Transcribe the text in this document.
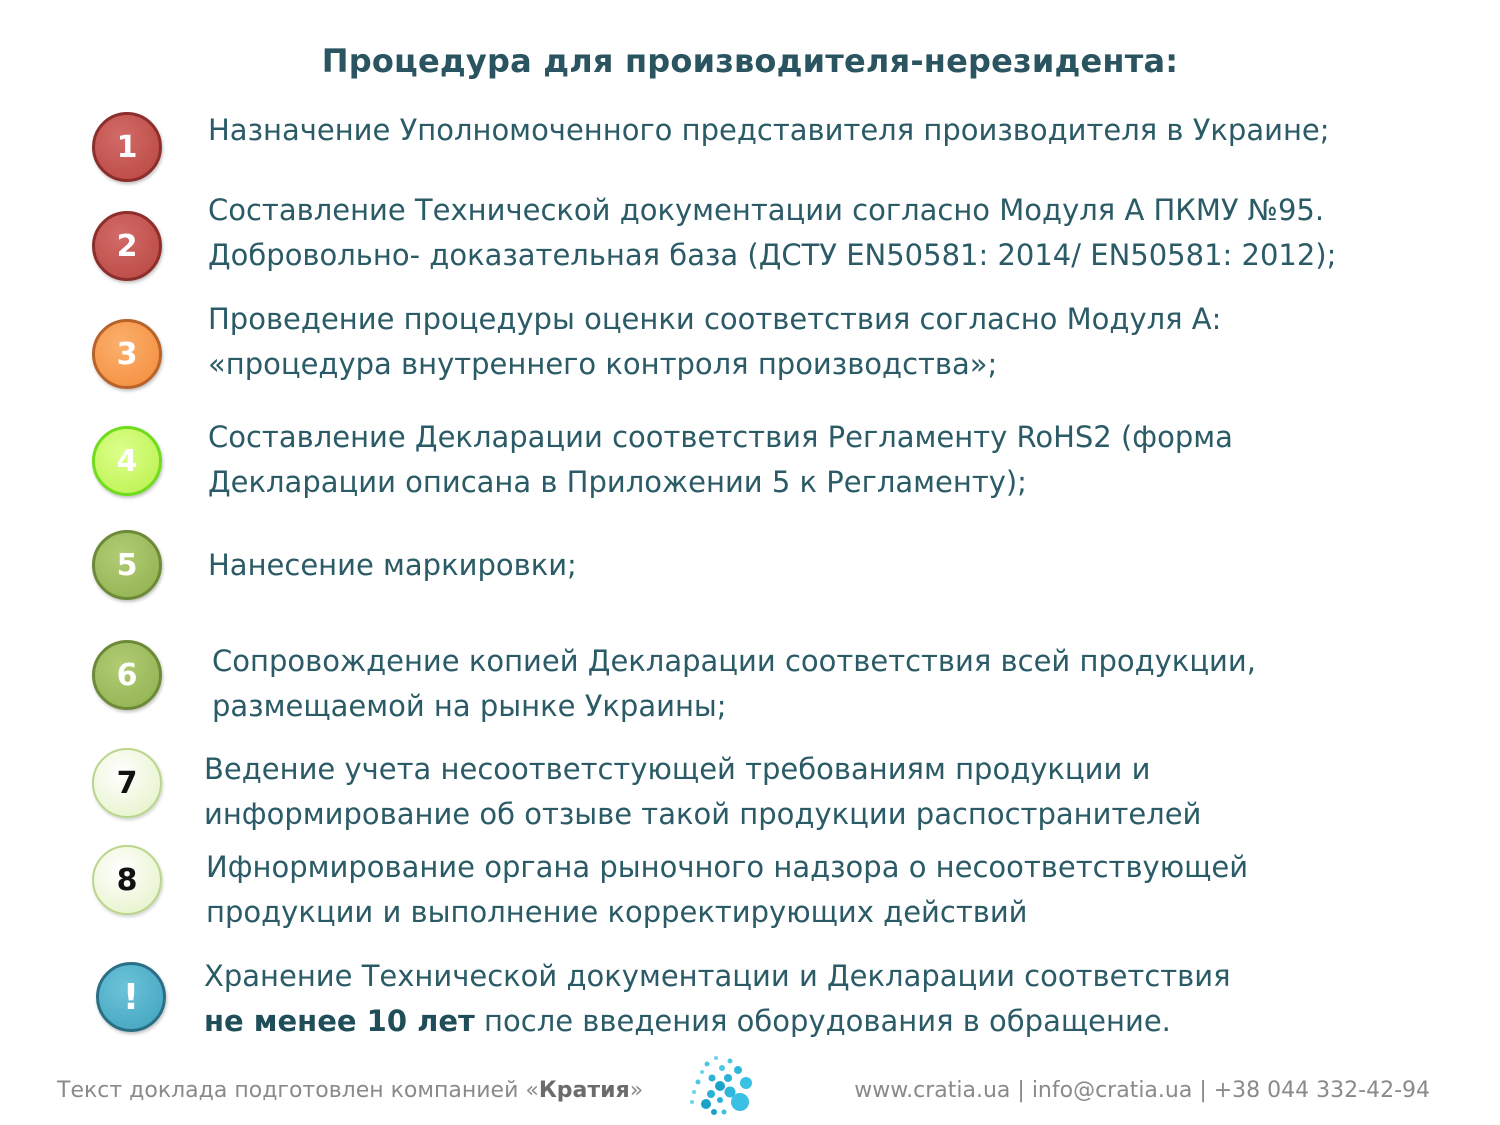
Процедура для производителя-нерезидента:
1 Назначение Уполномоченного представителя производителя в Украине;
2
Составление Технической документации согласно Модуля А ПКМУ №95.
Добровольно- доказательная база (ДСТУ EN50581: 2014/ EN50581: 2012);
3
Проведение процедуры оценки соответствия согласно Модуля А:
«процедура внутреннего контроля производства»;
4
Составление Декларации соответствия Регламенту RoHS2 (форма
Декларации описана в Приложении 5 к Регламенту);
5 Нанесение маркировки;
6	Сопровождение копией Декларации соответствия всей продукции,
размещаемой на рынке Украины;
7 Ведение учета несоответстующей требованиям продукции и
информирование об отзыве такой продукции распостранителей
8 Ифнормирование органа рыночного надзора о несоответствующей
продукции и выполнение корректирующих действий
!
Хранение Технической документации и Декларации соответствия
не менее 10 лет после введения оборудования в обращение.
Текст доклада подготовлен компанией «Кратия»	www.cratia.ua | info@cratia.ua | +38 044 332-42-94
